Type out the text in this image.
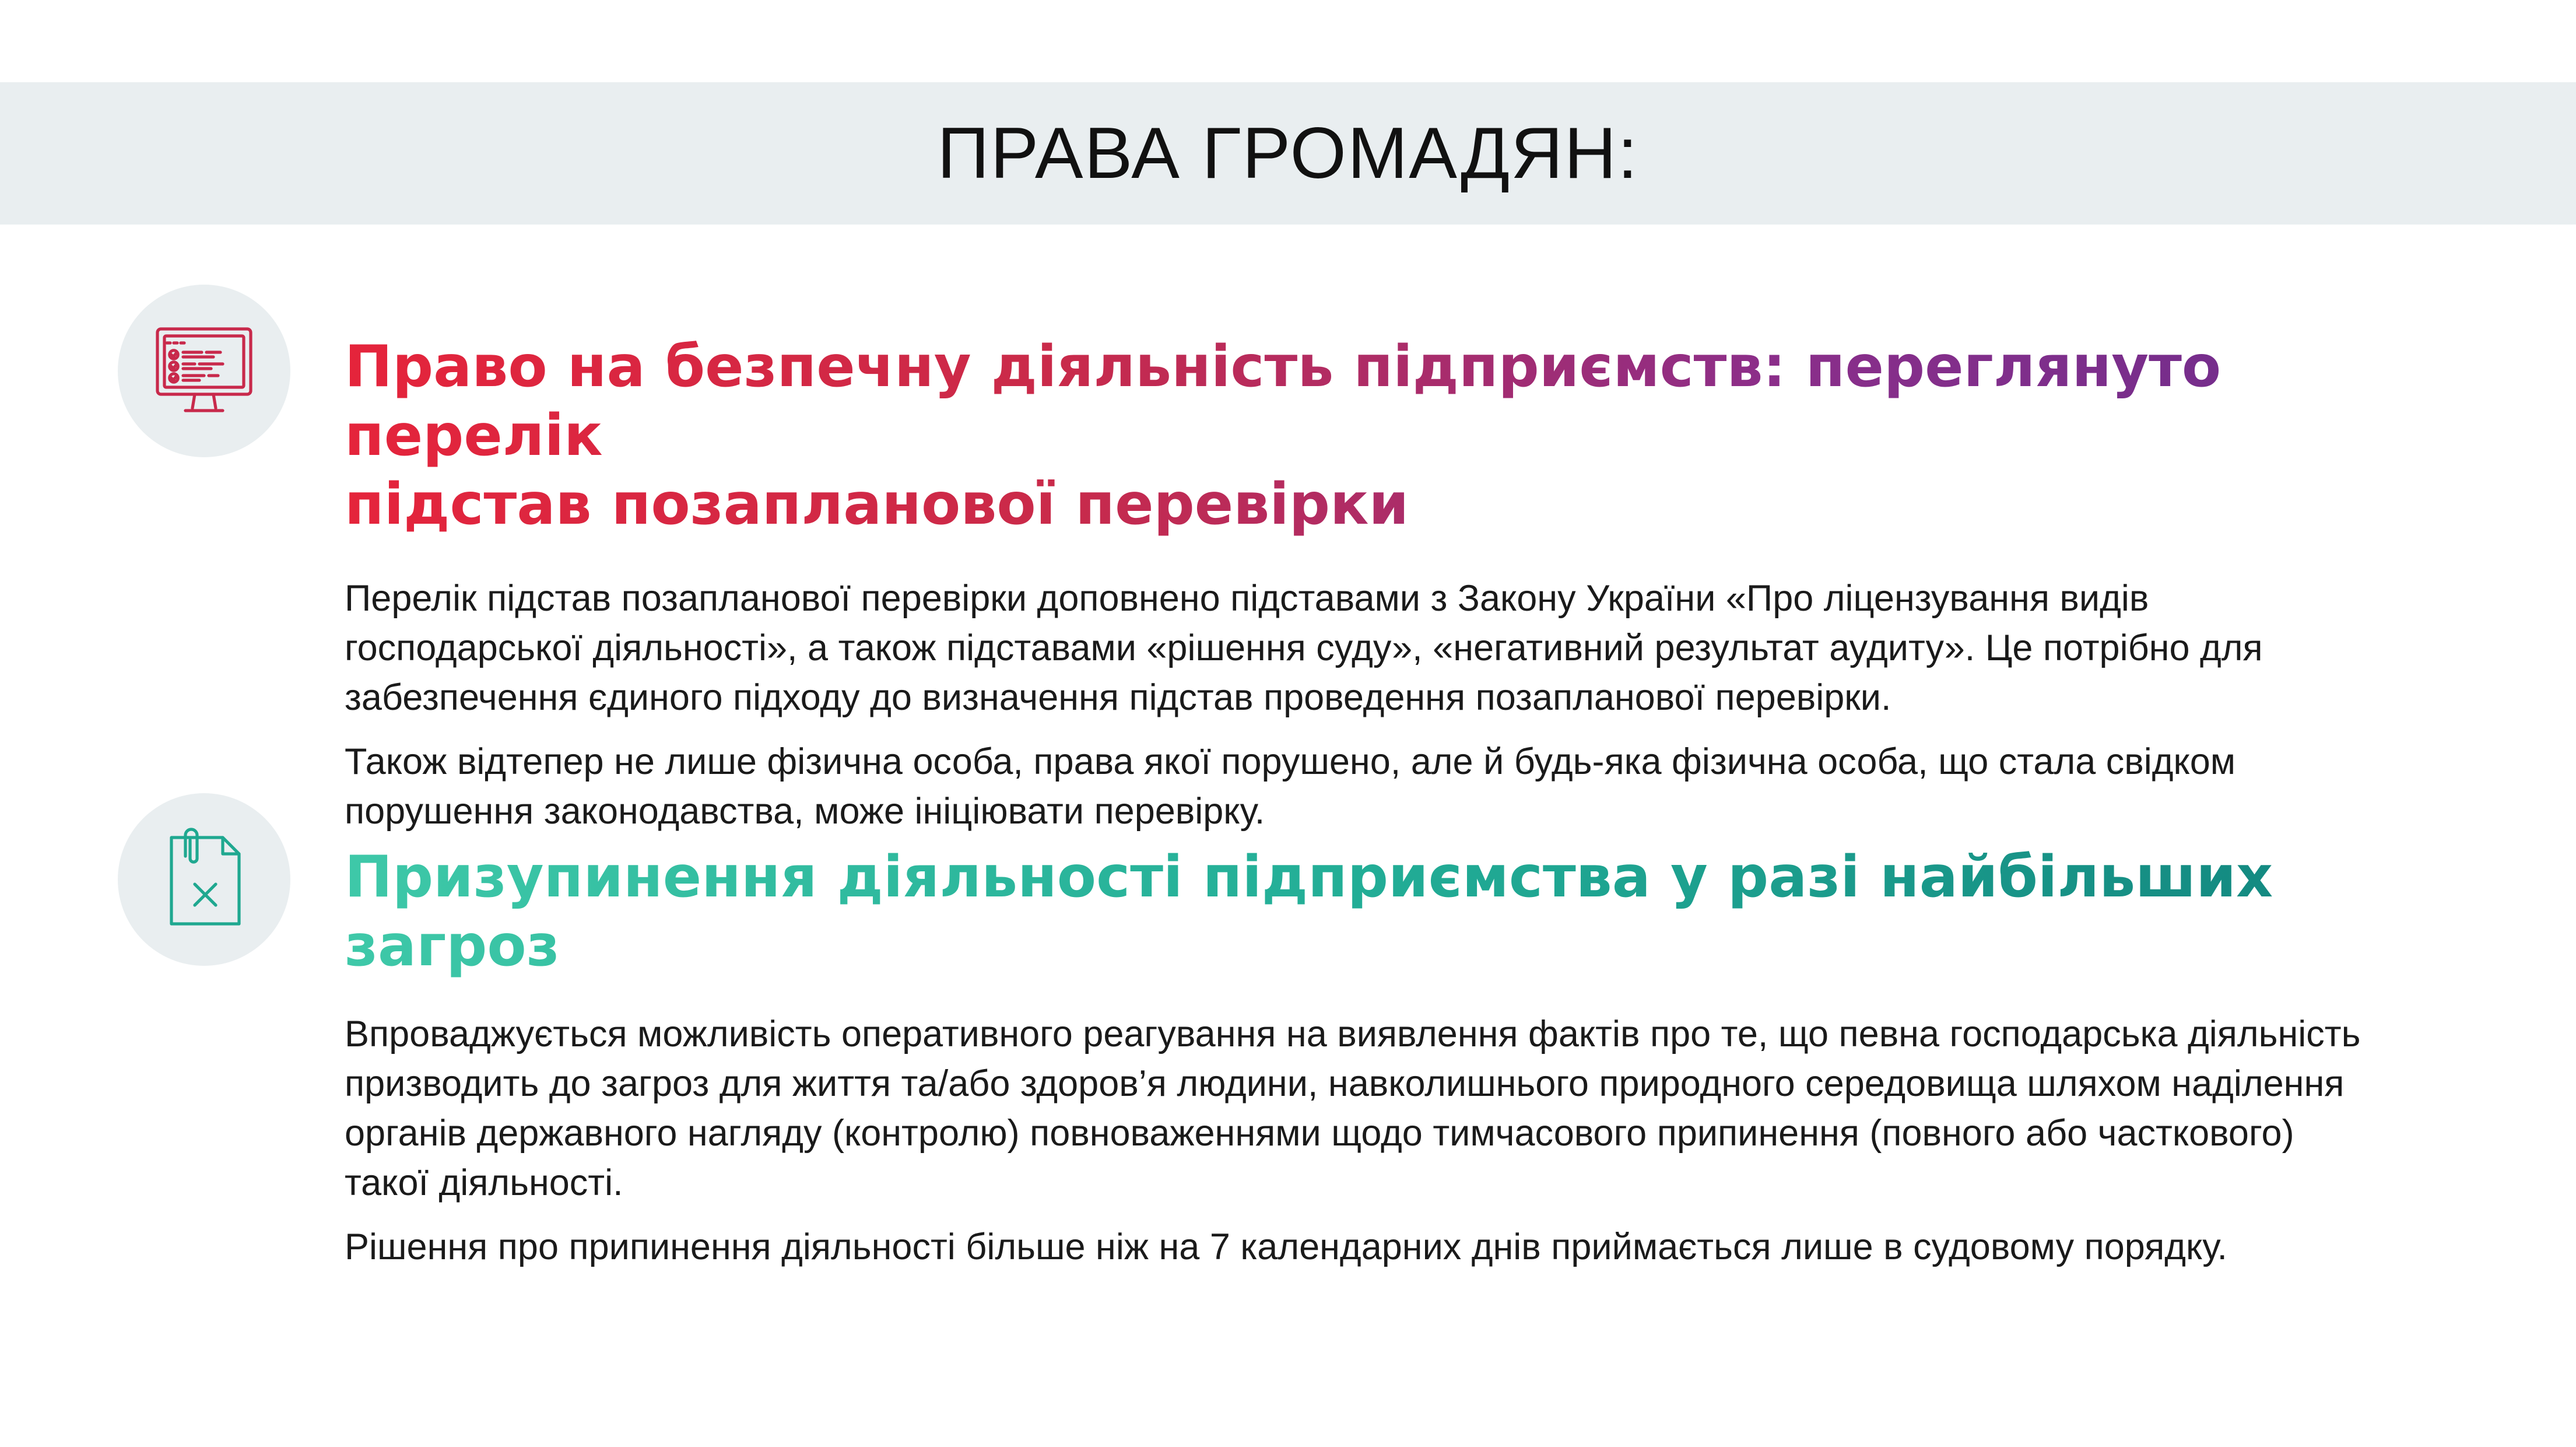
ПРАВА ГРОМАДЯН:
Право на безпечну діяльність підприємств: переглянуто перелік
підстав позапланової перевірки

Перелік підстав позапланової перевірки доповнено підставами з Закону України «Про ліцензування видів господарської діяльності», а також підставами «рішення суду», «негативний результат аудиту». Це потрібно для забезпечення єдиного підходу до визначення підстав проведення позапланової перевірки.

Також відтепер не лише фізична особа, права якої порушено, але й будь-яка фізична особа, що стала свідком порушення законодавства, може ініціювати перевірку.

Призупинення діяльності підприємства у разі найбільших загроз

Впроваджується можливість оперативного реагування на виявлення фактів про те, що певна господарська діяльність призводить до загроз для життя та/або здоров’я людини, навколишнього природного середовища шляхом наділення органів державного нагляду (контролю) повноваженнями щодо тимчасового припинення (повного або часткового) такої діяльності.

Рішення про припинення діяльності більше ніж на 7 календарних днів приймається лише в судовому порядку.
